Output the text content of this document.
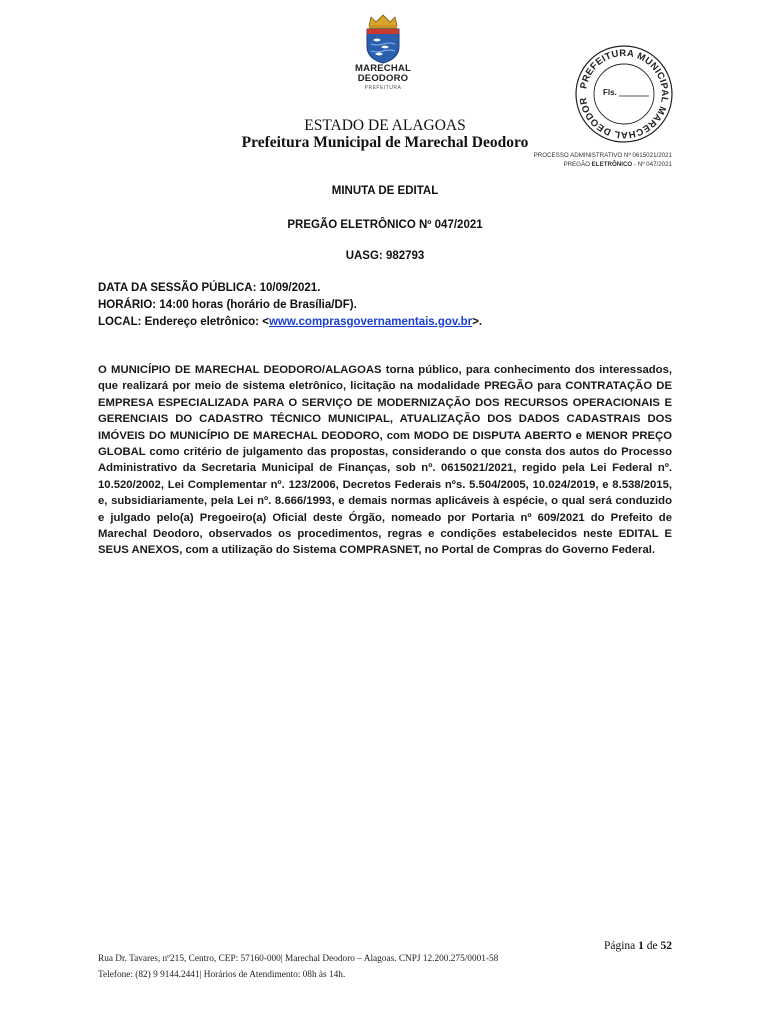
MARECHAL
DEODORO
PREFEITURA	PREFEITURA MUNICIPAL MARECHAL DEODOR
Fls.
ESTADO DE ALAGOAS
Prefeitura Municipal de Marechal Deodoro
PROCESSO ADMINISTRATIVO Nº 0615021/2021
PREGÃO ELETRÔNICO - Nº 047/2021
MINUTA DE EDITAL
PREGÃO ELETRÔNICO Nº 047/2021
UASG: 982793
DATA DA SESSÃO PÚBLICA: 10/09/2021.
HORÁRIO: 14:00 horas (horário de Brasília/DF).
LOCAL: Endereço eletrônico: <www.comprasgovernamentais.gov.br>.
O MUNICÍPIO DE MARECHAL DEODORO/ALAGOAS torna público, para conhecimento dos interessados, que realizará por meio de sistema eletrônico, licitação na modalidade PREGÃO para CONTRATAÇÃO DE EMPRESA ESPECIALIZADA PARA O SERVIÇO DE MODERNIZAÇÃO DOS RECURSOS OPERACIONAIS E GERENCIAIS DO CADASTRO TÉCNICO MUNICIPAL, ATUALIZAÇÃO DOS DADOS CADASTRAIS DOS IMÓVEIS DO MUNICÍPIO DE MARECHAL DEODORO, com MODO DE DISPUTA ABERTO e MENOR PREÇO GLOBAL como critério de julgamento das propostas, considerando o que consta dos autos do Processo Administrativo da Secretaria Municipal de Finanças, sob nº. 0615021/2021, regido pela Lei Federal nº. 10.520/2002, Lei Complementar nº. 123/2006, Decretos Federais nºs. 5.504/2005, 10.024/2019, e 8.538/2015, e, subsidiariamente, pela Lei nº. 8.666/1993, e demais normas aplicáveis à espécie, o qual será conduzido e julgado pelo(a) Pregoeiro(a) Oficial deste Órgão, nomeado por Portaria nº 609/2021 do Prefeito de Marechal Deodoro, observados os procedimentos, regras e condições estabelecidos neste EDITAL E SEUS ANEXOS, com a utilização do Sistema COMPRASNET, no Portal de Compras do Governo Federal.
Página 1 de 52
Rua Dr. Tavares, nº215, Centro, CEP: 57160-000| Marechal Deodoro – Alagoas. CNPJ 12.200.275/0001-58
Telefone: (82) 9 9144.2441| Horários de Atendimento: 08h às 14h.
